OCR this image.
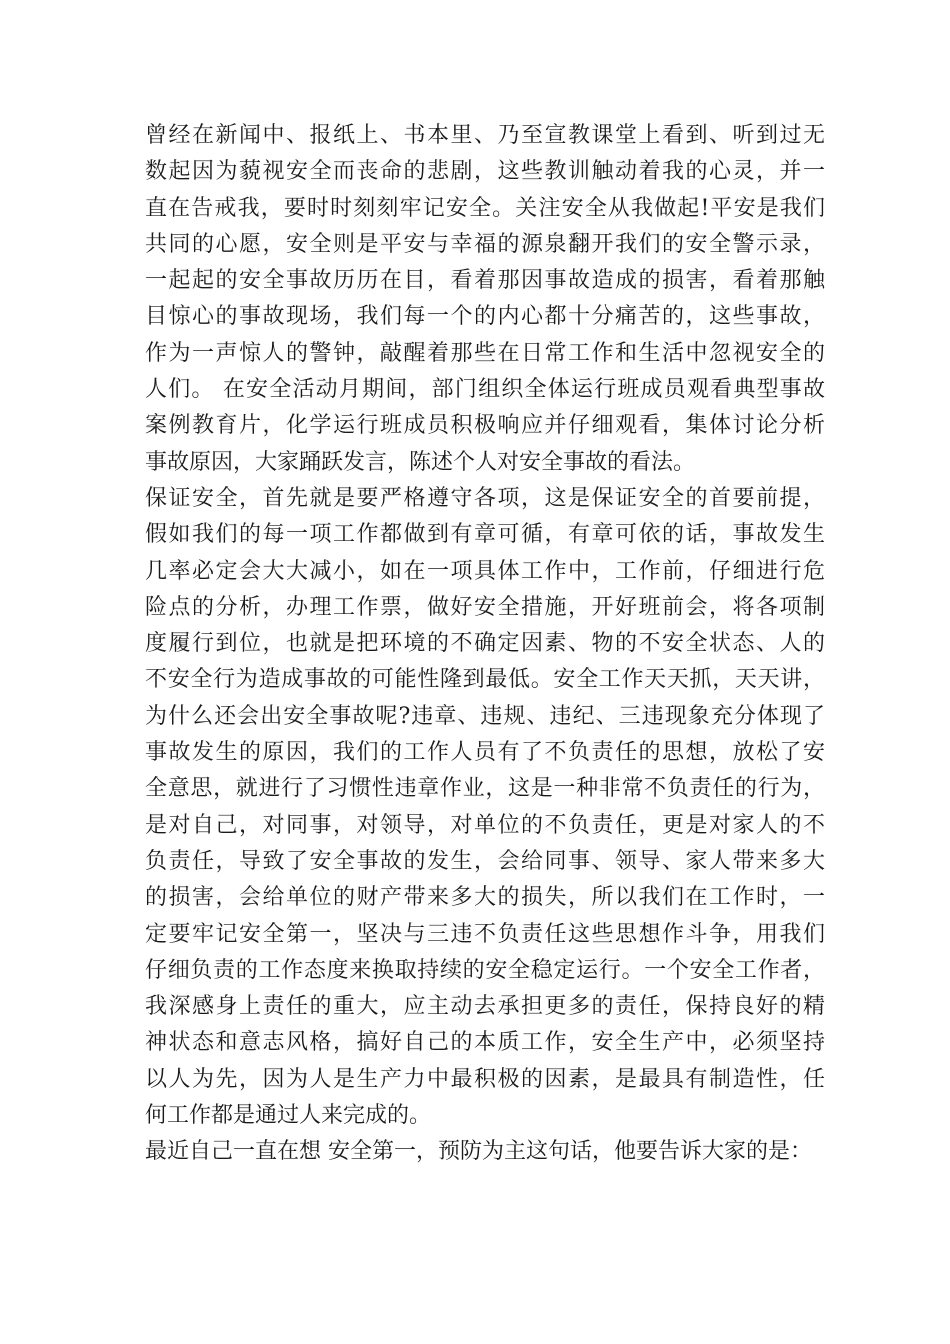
曾经在新闻中、报纸上、书本里、乃至宣教课堂上看到、听到过无
数起因为藐视安全而丧命的悲剧，这些教训触动着我的心灵，并一
直在告戒我，要时时刻刻牢记安全。关注安全从我做起!平安是我们
共同的心愿，安全则是平安与幸福的源泉翻开我们的安全警示录，
一起起的安全事故历历在目，看着那因事故造成的损害，看着那触
目惊心的事故现场，我们每一个的内心都十分痛苦的，这些事故，
作为一声惊人的警钟，敲醒着那些在日常工作和生活中忽视安全的
人们。 在安全活动月期间，部门组织全体运行班成员观看典型事故
案例教育片，化学运行班成员积极响应并仔细观看，集体讨论分析
事故原因，大家踊跃发言，陈述个人对安全事故的看法。
保证安全，首先就是要严格遵守各项，这是保证安全的首要前提，
假如我们的每一项工作都做到有章可循，有章可依的话，事故发生
几率必定会大大减小，如在一项具体工作中，工作前，仔细进行危
险点的分析，办理工作票，做好安全措施，开好班前会，将各项制
度履行到位，也就是把环境的不确定因素、物的不安全状态、人的
不安全行为造成事故的可能性隆到最低。安全工作天天抓，天天讲，
为什么还会出安全事故呢?违章、违规、违纪、三违现象充分体现了
事故发生的原因，我们的工作人员有了不负责任的思想，放松了安
全意思，就进行了习惯性违章作业，这是一种非常不负责任的行为，
是对自己，对同事，对领导，对单位的不负责任，更是对家人的不
负责任，导致了安全事故的发生，会给同事、领导、家人带来多大
的损害，会给单位的财产带来多大的损失，所以我们在工作时，一
定要牢记安全第一，坚决与三违不负责任这些思想作斗争，用我们
仔细负责的工作态度来换取持续的安全稳定运行。一个安全工作者，
我深感身上责任的重大，应主动去承担更多的责任，保持良好的精
神状态和意志风格，搞好自己的本质工作，安全生产中，必须坚持
以人为先，因为人是生产力中最积极的因素，是最具有制造性，任
何工作都是通过人来完成的。
最近自己一直在想 安全第一，预防为主这句话，他要告诉大家的是：
